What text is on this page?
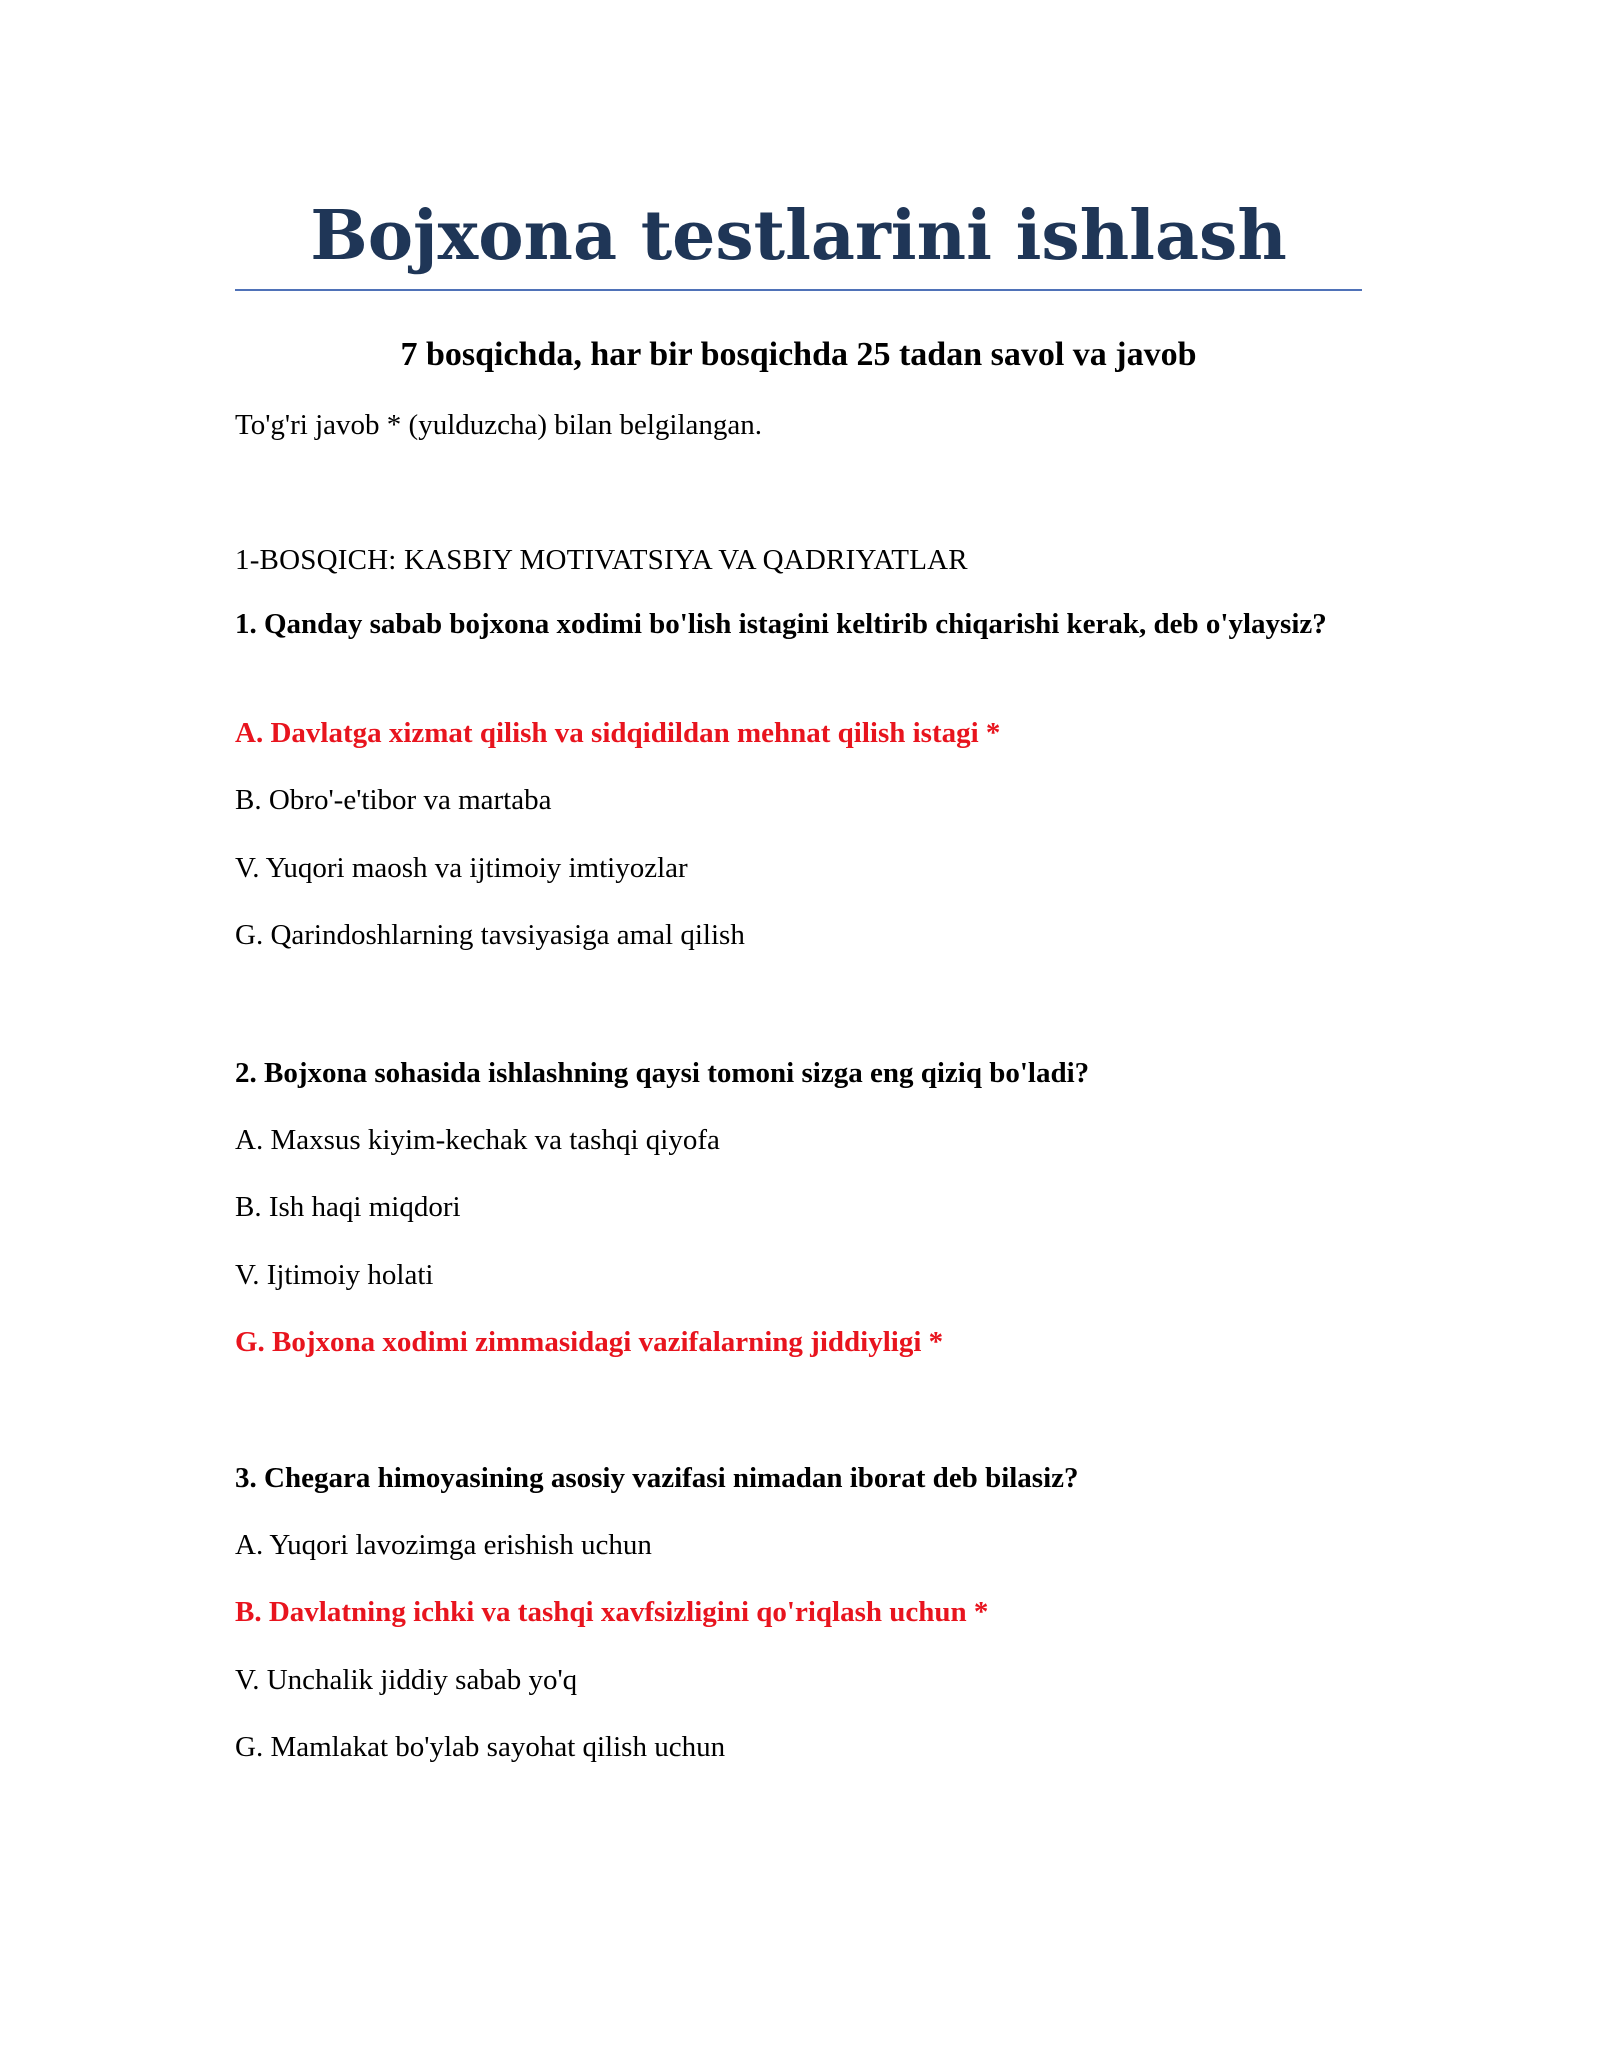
Bojxona testlarini ishlash
7 bosqichda, har bir bosqichda 25 tadan savol va javob

To'g'ri javob * (yulduzcha) bilan belgilangan.

1-BOSQICH: KASBIY MOTIVATSIYA VA QADRIYATLAR

1. Qanday sabab bojxona xodimi bo'lish istagini keltirib chiqarishi kerak, deb o'ylaysiz?

A. Davlatga xizmat qilish va sidqidildan mehnat qilish istagi *

B. Obro'-e'tibor va martaba

V. Yuqori maosh va ijtimoiy imtiyozlar

G. Qarindoshlarning tavsiyasiga amal qilish

2. Bojxona sohasida ishlashning qaysi tomoni sizga eng qiziq bo'ladi?

A. Maxsus kiyim-kechak va tashqi qiyofa

B. Ish haqi miqdori

V. Ijtimoiy holati

G. Bojxona xodimi zimmasidagi vazifalarning jiddiyligi *

3. Chegara himoyasining asosiy vazifasi nimadan iborat deb bilasiz?

A. Yuqori lavozimga erishish uchun

B. Davlatning ichki va tashqi xavfsizligini qo'riqlash uchun *

V. Unchalik jiddiy sabab yo'q

G. Mamlakat bo'ylab sayohat qilish uchun
